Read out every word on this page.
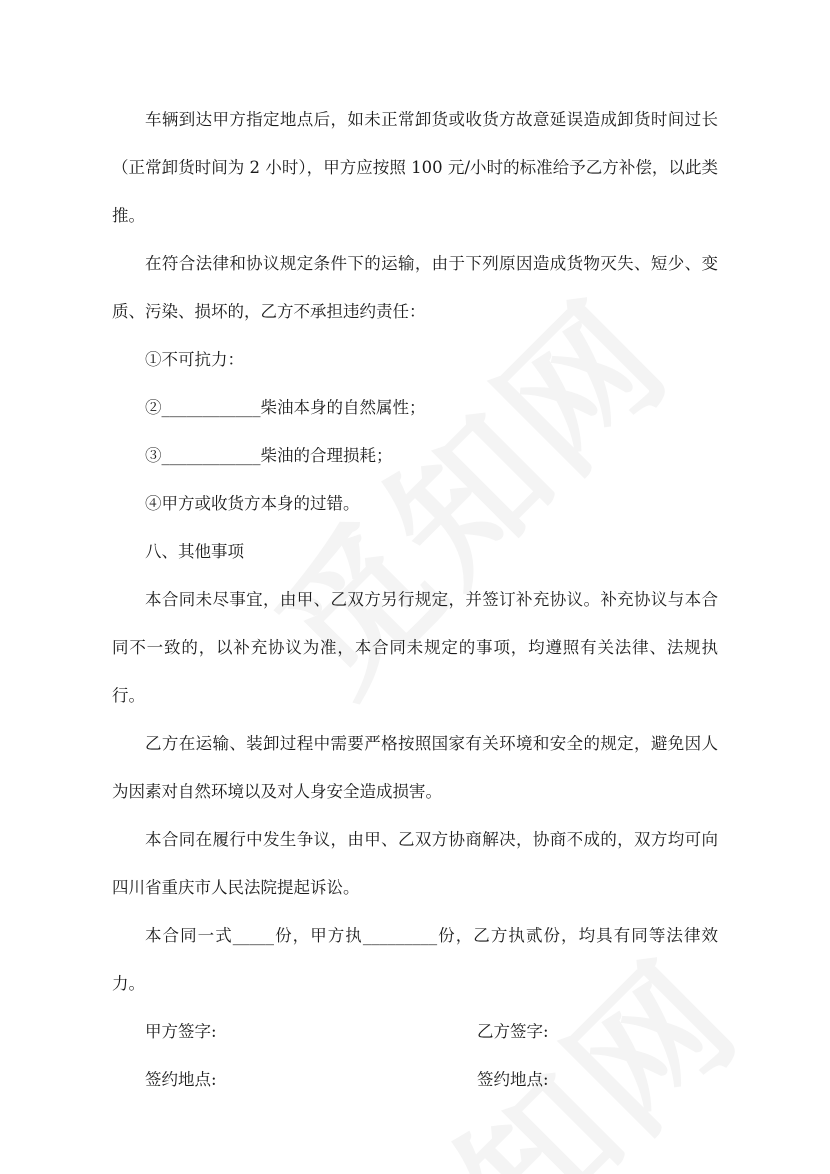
车辆到达甲方指定地点后，如未正常卸货或收货方故意延误造成卸货时间过长（正常卸货时间为 2 小时），甲方应按照 100 元/小时的标准给予乙方补偿，以此类推。

在符合法律和协议规定条件下的运输，由于下列原因造成货物灭失、短少、变质、污染、损坏的，乙方不承担违约责任：

①不可抗力：

②____________柴油本身的自然属性；

③____________柴油的合理损耗；

④甲方或收货方本身的过错。

八、其他事项

本合同未尽事宜，由甲、乙双方另行规定，并签订补充协议。补充协议与本合同不一致的，以补充协议为准，本合同未规定的事项，均遵照有关法律、法规执行。

乙方在运输、装卸过程中需要严格按照国家有关环境和安全的规定，避免因人为因素对自然环境以及对人身安全造成损害。

本合同在履行中发生争议，由甲、乙双方协商解决，协商不成的，双方均可向四川省重庆市人民法院提起诉讼。

本合同一式_____份，甲方执_________份，乙方执贰份，均具有同等法律效力。

甲方签字:	乙方签字:
签约地点:	签约地点:
